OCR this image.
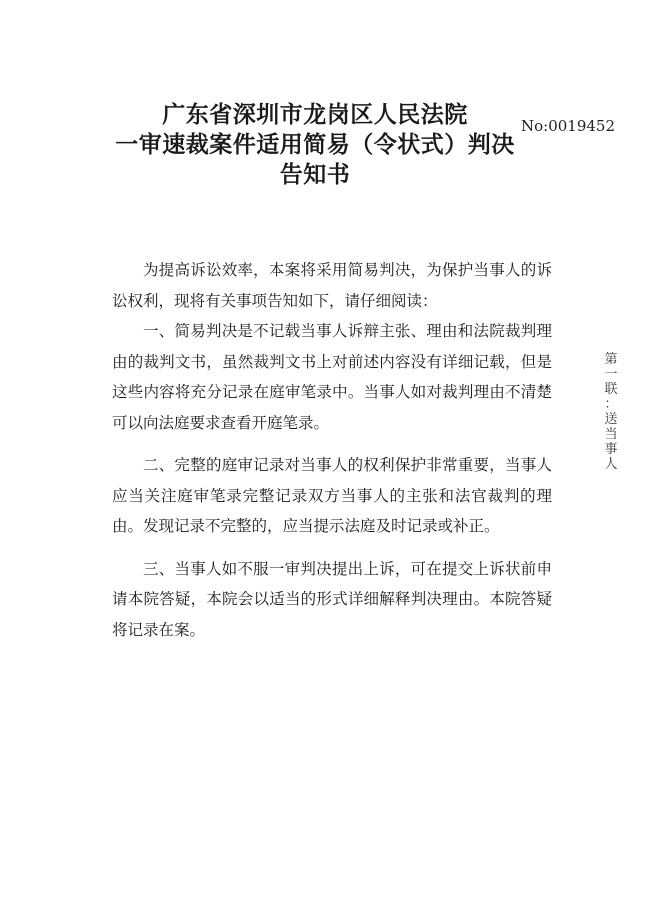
广东省深圳市龙岗区人民法院
一审速裁案件适用简易（令状式）判决
告知书
No:0019452

为提高诉讼效率，本案将采用简易判决，为保护当事人的诉讼权利，现将有关事项告知如下，请仔细阅读：

一、简易判决是不记载当事人诉辩主张、理由和法院裁判理由的裁判文书，虽然裁判文书上对前述内容没有详细记载，但是这些内容将充分记录在庭审笔录中。当事人如对裁判理由不清楚可以向法庭要求查看开庭笔录。

二、完整的庭审记录对当事人的权利保护非常重要，当事人应当关注庭审笔录完整记录双方当事人的主张和法官裁判的理由。发现记录不完整的，应当提示法庭及时记录或补正。

三、当事人如不服一审判决提出上诉，可在提交上诉状前申请本院答疑，本院会以适当的形式详细解释判决理由。本院答疑将记录在案。

第
一
联
：
送
当
事
人
